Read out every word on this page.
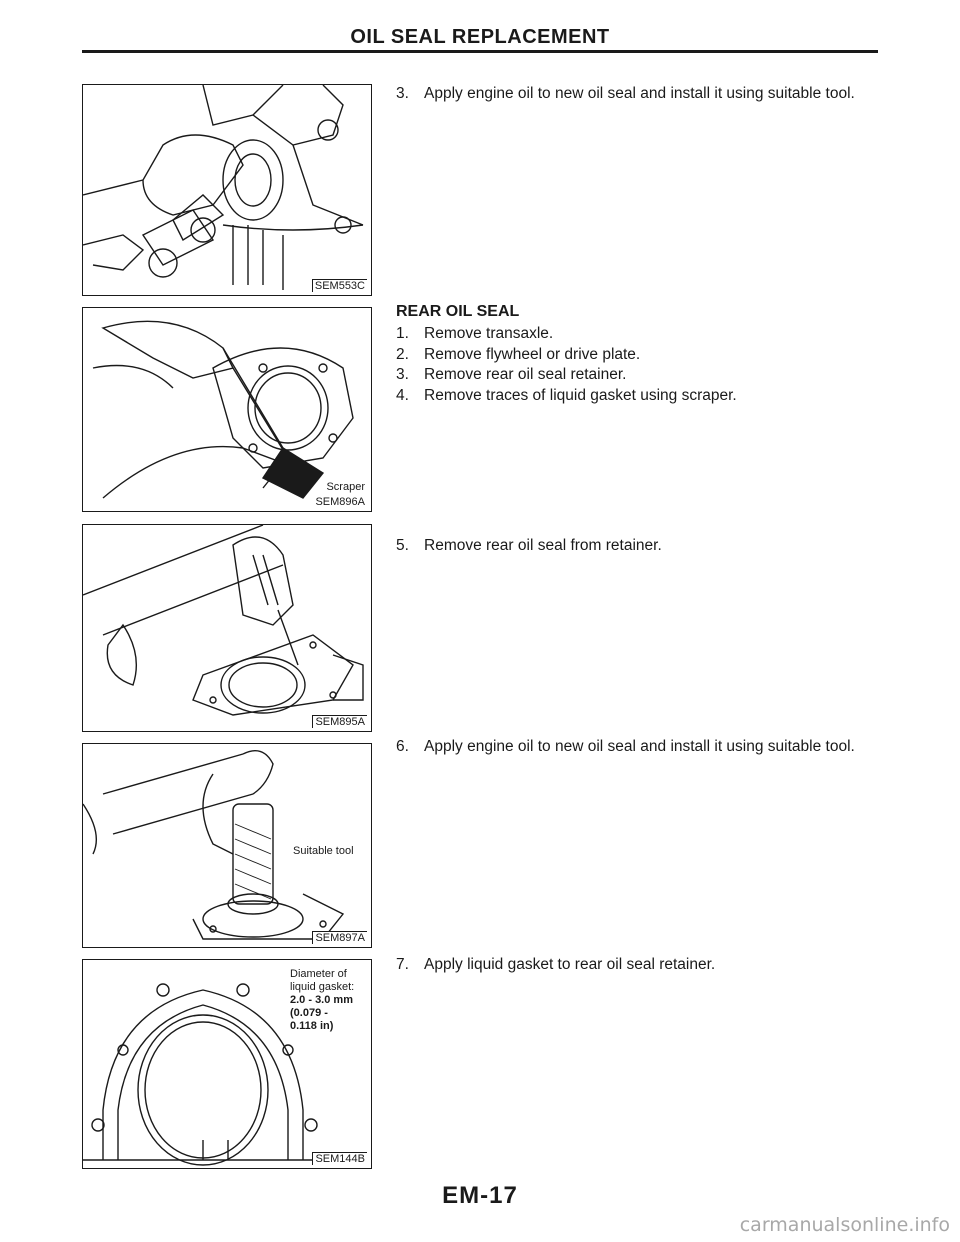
OIL SEAL REPLACEMENT
SEM553C
Scraper
SEM896A
SEM895A
Suitable tool
SEM897A
Diameter of
liquid gasket:
2.0 - 3.0 mm
(0.079 -
0.118 in)
SEM144B
3. Apply engine oil to new oil seal and install it using suitable tool.
REAR OIL SEAL
1. Remove transaxle.
2. Remove flywheel or drive plate.
3. Remove rear oil seal retainer.
4. Remove traces of liquid gasket using scraper.
5. Remove rear oil seal from retainer.
6. Apply engine oil to new oil seal and install it using suitable tool.
7. Apply liquid gasket to rear oil seal retainer.
EM-17
carmanualsonline.info
